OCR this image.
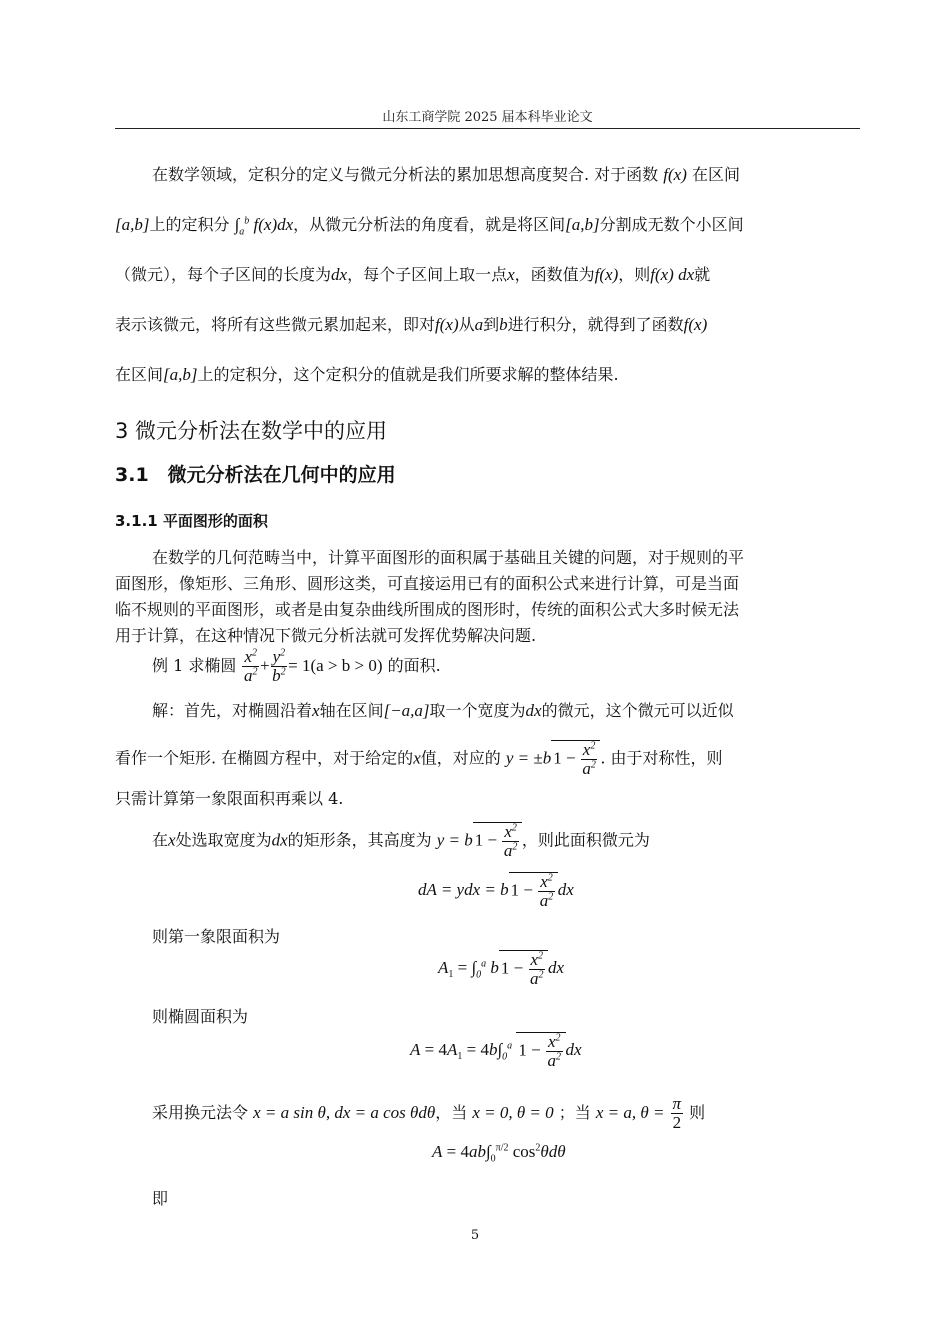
山东工商学院 2025 届本科毕业论文
在数学领域，定积分的定义与微元分析法的累加思想高度契合. 对于函数 f(x) 在区间
[a,b]上的定积分 $\int_a^b$ f(x)dx，从微元分析法的角度看，就是将区间[a,b]分割成无数个小区间
（微元），每个子区间的长度为dx，每个子区间上取一点x，函数值为f(x)，则f(x) dx就
表示该微元，将所有这些微元累加起来，即对f(x)从a到b进行积分，就得到了函数f(x)
在区间[a,b]上的定积分，这个定积分的值就是我们所要求解的整体结果.
3 微元分析法在数学中的应用
3.1　微元分析法在几何中的应用
3.1.1 平面图形的面积
在数学的几何范畴当中，计算平面图形的面积属于基础且关键的问题，对于规则的平
面图形，像矩形、三角形、圆形这类，可直接运用已有的面积公式来进行计算，可是当面
临不规则的平面图形，或者是由复杂曲线所围成的图形时，传统的面积公式大多时候无法
用于计算，在这种情况下微元分析法就可发挥优势解决问题.
例 1 求椭圆 $\frac{x^2}{a^2} + \frac{y^2}{b^2} = 1(a > b > 0)$ 的面积.
解：首先，对椭圆沿着x轴在区间[−a,a]取一个宽度为dx的微元，这个微元可以近似
看作一个矩形. 在椭圆方程中，对于给定的x值，对应的 y = ±b $1 - \frac{x^2}{a^2}$ . 由于对称性，则
只需计算第一象限面积再乘以 4.
在x处选取宽度为dx的矩形条，其高度为 y = b $1 - \frac{x^2}{a^2}$ ，则此面积微元为
dA = ydx = b $1 - \frac{x^2}{a^2}$ dx
则第一象限面积为
$A_1 = \int_0^a$ b $1 - \frac{x^2}{a^2}$ dx
则椭圆面积为
$A = 4A_1 = 4b\int_0^a$ $1 - \frac{x^2}{a^2}$ dx
采用换元法令 x = a sin θ, dx = a cos θdθ，当 x = 0, θ = 0 ；当 x = a, $\theta = \frac{\pi}{2}$ 则
$A = 4ab\int_0^{\pi/2}$ $\cos^2\theta d\theta$
即
5
